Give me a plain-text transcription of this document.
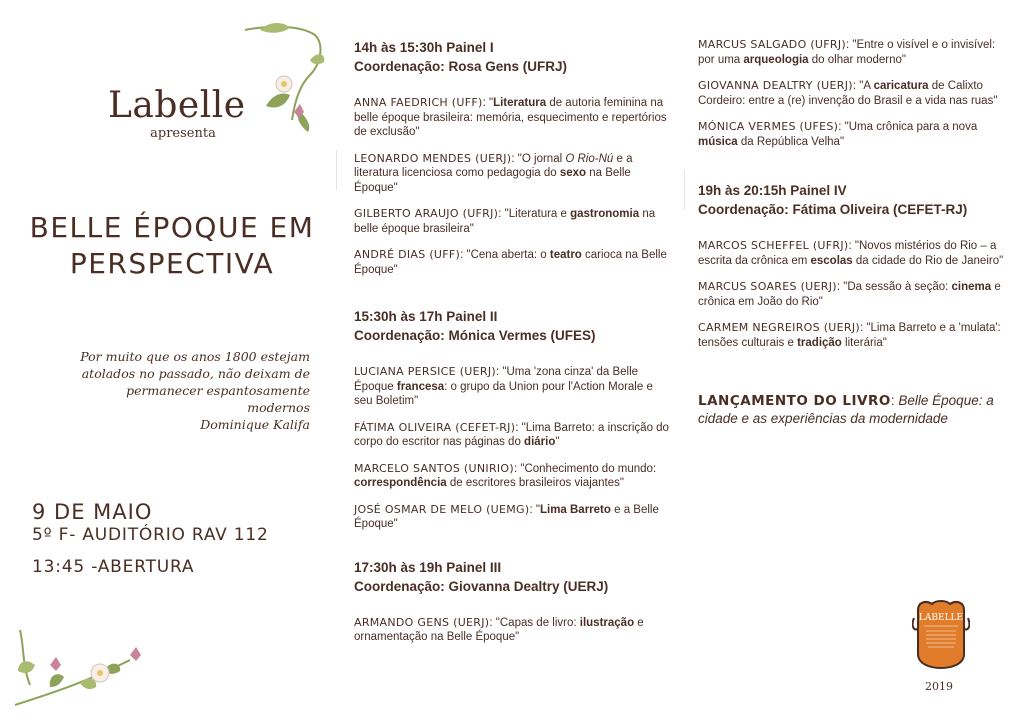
Labelle
apresenta
BELLE ÉPOQUE EM PERSPECTIVA
Por muito que os anos 1800 estejam atolados no passado, não deixam de permanecer espantosamente modernos
Dominique Kalifa
9 DE MAIO
5º F- AUDITÓRIO RAV 112
13:45 -ABERTURA
14h às 15:30h Painel I
Coordenação: Rosa Gens (UFRJ)
ANNA FAEDRICH (UFF): "Literatura de autoria feminina na belle époque brasileira: memória, esquecimento e repertórios de exclusão"
LEONARDO MENDES (UERJ): "O jornal O Rio-Nú e a literatura licenciosa como pedagogia do sexo na Belle Époque"
GILBERTO ARAUJO (UFRJ): "Literatura e gastronomia na belle époque brasileira"
ANDRÉ DIAS (UFF): "Cena aberta: o teatro carioca na Belle Époque"
15:30h às 17h Painel II
Coordenação: Mónica Vermes (UFES)
LUCIANA PERSICE (UERJ): "Uma 'zona cinza' da Belle Époque francesa: o grupo da Union pour l'Action Morale e seu Boletim"
FÁTIMA OLIVEIRA (CEFET-RJ): "Lima Barreto: a inscrição do corpo do escritor nas páginas do diário"
MARCELO SANTOS (UNIRIO): "Conhecimento do mundo: correspondência de escritores brasileiros viajantes"
JOSÉ OSMAR DE MELO (UEMG): "Lima Barreto e a Belle Époque"
17:30h às 19h Painel III
Coordenação: Giovanna Dealtry (UERJ)
ARMANDO GENS (UERJ): "Capas de livro: ilustração e ornamentação na Belle Époque"
MARCUS SALGADO (UFRJ): "Entre o visível e o invisível: por uma arqueologia do olhar moderno"
GIOVANNA DEALTRY (UERJ): "A caricatura de Calixto Cordeiro: entre a (re) invenção do Brasil e a vida nas ruas"
MÓNICA VERMES (UFES): "Uma crônica para a nova música da República Velha"
19h às 20:15h Painel IV
Coordenação: Fátima Oliveira (CEFET-RJ)
MARCOS SCHEFFEL (UFRJ): "Novos mistérios do Rio – a escrita da crônica em escolas da cidade do Rio de Janeiro"
MARCUS SOARES (UERJ): "Da sessão à seção: cinema e crônica em João do Rio"
CARMEM NEGREIROS (UERJ): "Lima Barreto e a 'mulata': tensões culturais e tradição literária"
LANÇAMENTO DO LIVRO: Belle Époque: a cidade e as experiências da modernidade
LABELLE
2019
